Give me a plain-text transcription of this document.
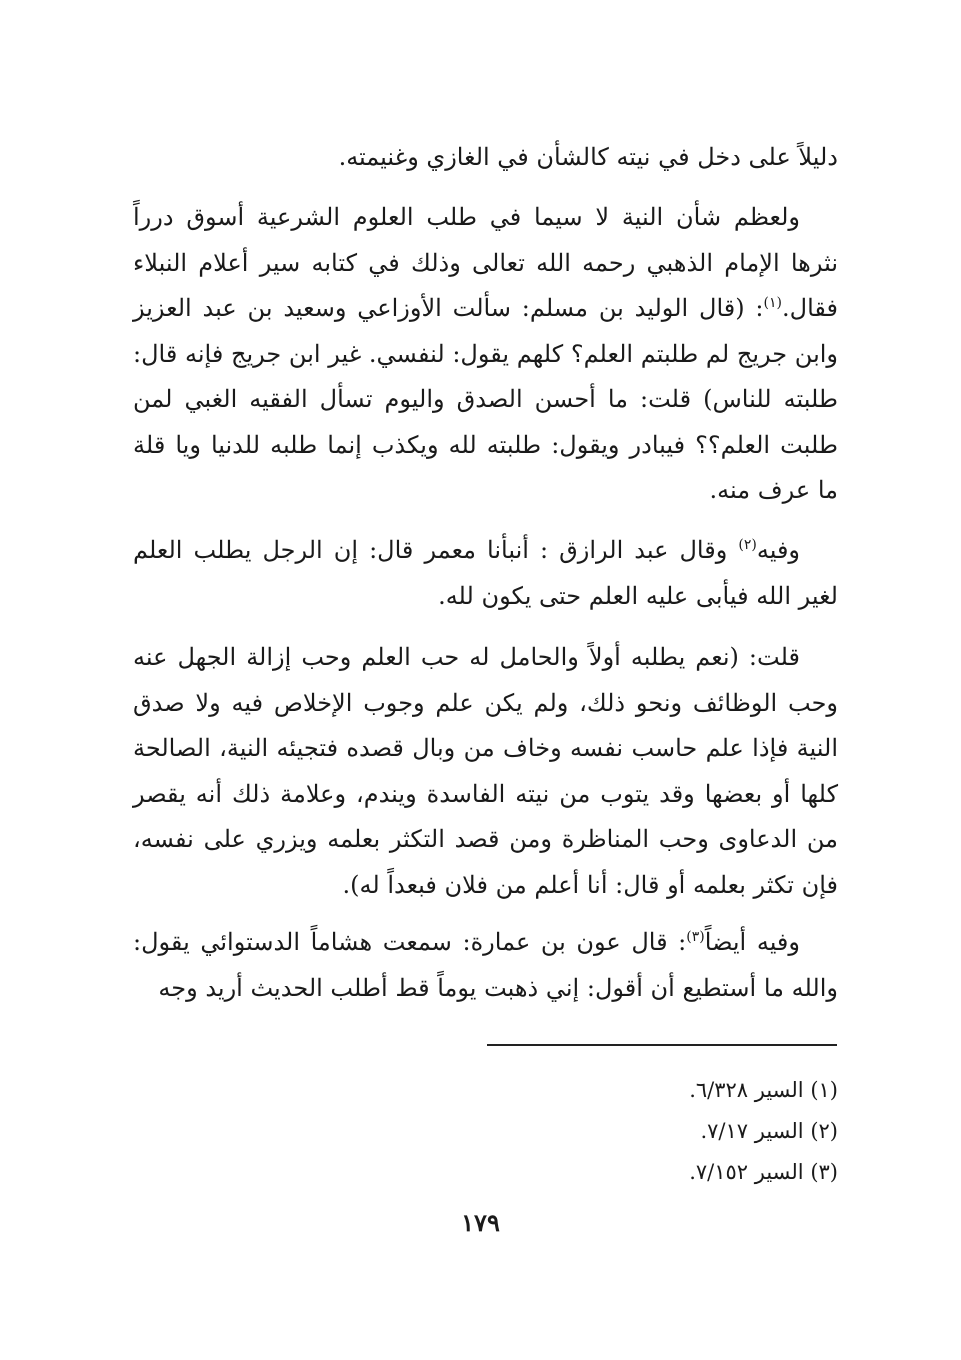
دليلاً على دخل في نيته كالشأن في الغازي وغنيمته.

ولعظم شأن النية لا سيما في طلب العلوم الشرعية أسوق درراً نثرها الإمام الذهبي رحمه الله تعالى وذلك في كتابه سير أعلام النبلاء فقال.$^{(١)}$: (قال الوليد بن مسلم: سألت الأوزاعي وسعيد بن عبد العزيز وابن جريج لم طلبتم العلم؟ كلهم يقول: لنفسي. غير ابن جريج فإنه قال: طلبته للناس) قلت: ما أحسن الصدق واليوم تسأل الفقيه الغبي لمن طلبت العلم؟؟ فيبادر ويقول: طلبته لله ويكذب إنما طلبه للدنيا ويا قلة ما عرف منه.

وفيه$^{(٢)}$ وقال عبد الرازق : أنبأنا معمر قال: إن الرجل يطلب العلم لغير الله فيأبى عليه العلم حتى يكون لله.

قلت: (نعم يطلبه أولاً والحامل له حب العلم وحب إزالة الجهل عنه وحب الوظائف ونحو ذلك، ولم يكن علم وجوب الإخلاص فيه ولا صدق النية فإذا علم حاسب نفسه وخاف من وبال قصده فتجيئه النية، الصالحة كلها أو بعضها وقد يتوب من نيته الفاسدة ويندم، وعلامة ذلك أنه يقصر من الدعاوى وحب المناظرة ومن قصد التكثر بعلمه ويزري على نفسه، فإن تكثر بعلمه أو قال: أنا أعلم من فلان فبعداً له).

وفيه أيضاً$^{(٣)}$: قال عون بن عمارة: سمعت هشاماً الدستوائي يقول: والله ما أستطيع أن أقول: إني ذهبت يوماً قط أطلب الحديث أريد وجه

(١) السير ٦/٣٢٨.
(٢) السير ٧/١٧.
(٣) السير ٧/١٥٢.
١٧٩
